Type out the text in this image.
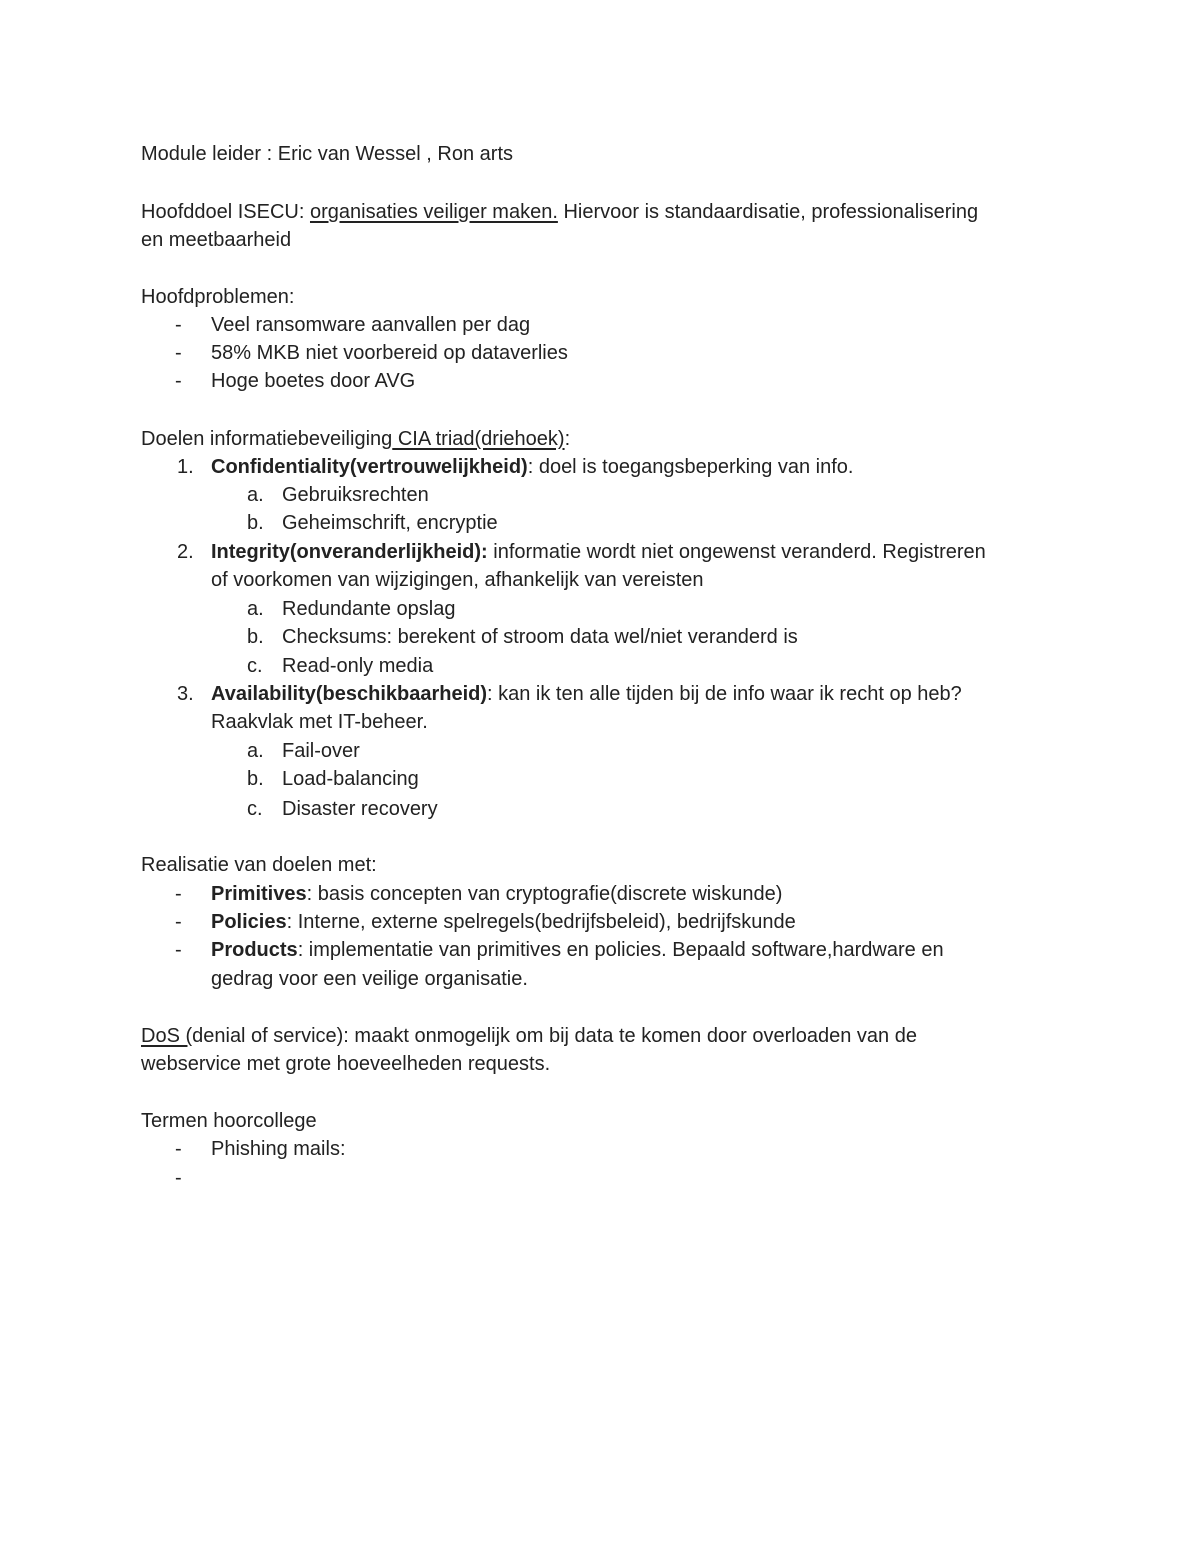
Module leider : Eric van Wessel , Ron arts
Hoofddoel ISECU: organisaties veiliger maken. Hiervoor is standaardisatie, professionalisering
en meetbaarheid
Hoofdproblemen:
- Veel ransomware aanvallen per dag
- 58% MKB niet voorbereid op dataverlies
- Hoge boetes door AVG
Doelen informatiebeveiliging CIA triad(driehoek):
1. Confidentiality(vertrouwelijkheid): doel is toegangsbeperking van info.
a. Gebruiksrechten
b. Geheimschrift, encryptie
2. Integrity(onveranderlijkheid): informatie wordt niet ongewenst veranderd. Registreren
of voorkomen van wijzigingen, afhankelijk van vereisten
a. Redundante opslag
b. Checksums: berekent of stroom data wel/niet veranderd is
c. Read-only media
3. Availability(beschikbaarheid): kan ik ten alle tijden bij de info waar ik recht op heb?
Raakvlak met IT-beheer.
a. Fail-over
b. Load-balancing
c. Disaster recovery
Realisatie van doelen met:
- Primitives: basis concepten van cryptografie(discrete wiskunde)
- Policies: Interne, externe spelregels(bedrijfsbeleid), bedrijfskunde
- Products: implementatie van primitives en policies. Bepaald software,hardware en
gedrag voor een veilige organisatie.
DoS (denial of service): maakt onmogelijk om bij data te komen door overloaden van de
webservice met grote hoeveelheden requests.
Termen hoorcollege
- Phishing mails:
-
